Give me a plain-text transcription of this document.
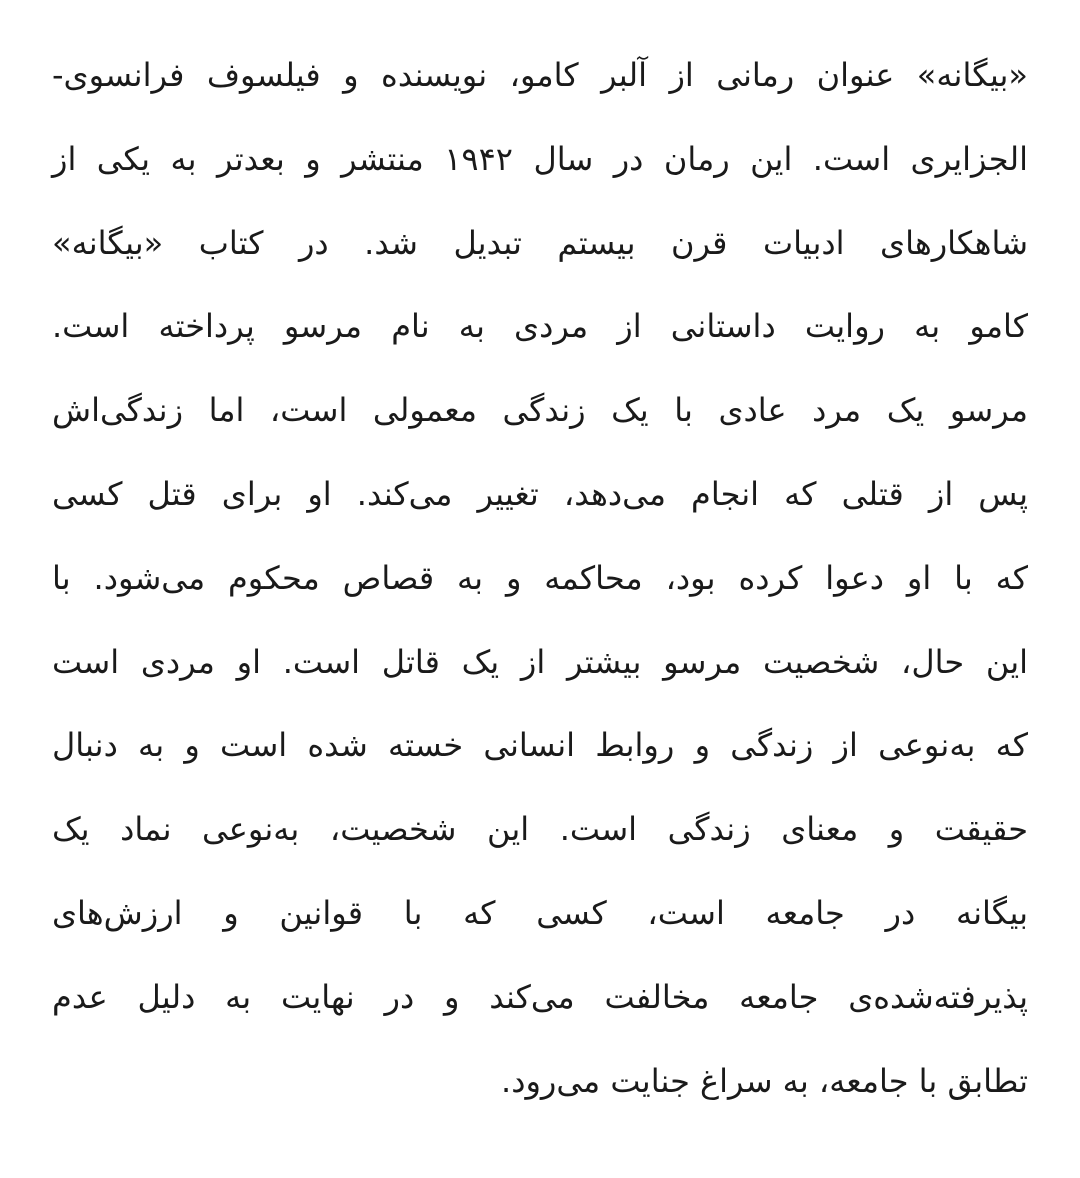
«بیگانه» عنوان رمانی از آلبر کامو، نویسنده و فیلسوف فرانسوی-
الجزایری است. این رمان در سال ۱۹۴۲ منتشر و بعدتر به یکی از
شاهکارهای ادبیات قرن بیستم تبدیل شد. در کتاب «بیگانه»
کامو به روایت داستانی از مردی به نام مرسو پرداخته است.
مرسو یک مرد عادی با یک زندگی معمولی است، اما زندگی‌اش
پس از قتلی که انجام می‌دهد، تغییر می‌کند. او برای قتل کسی
که با او دعوا کرده بود، محاکمه و به قصاص محکوم می‌شود. با
این حال، شخصیت مرسو بیشتر از یک قاتل است. او مردی است
که به‌نوعی از زندگی و روابط انسانی خسته شده است و به دنبال
حقیقت و معنای زندگی است. این شخصیت، به‌نوعی نماد یک
بیگانه در جامعه است، کسی که با قوانین و ارزش‌های
پذیرفته‌شده‌ی جامعه مخالفت می‌کند و در نهایت به دلیل عدم
تطابق با جامعه، به سراغ جنایت می‌رود.
